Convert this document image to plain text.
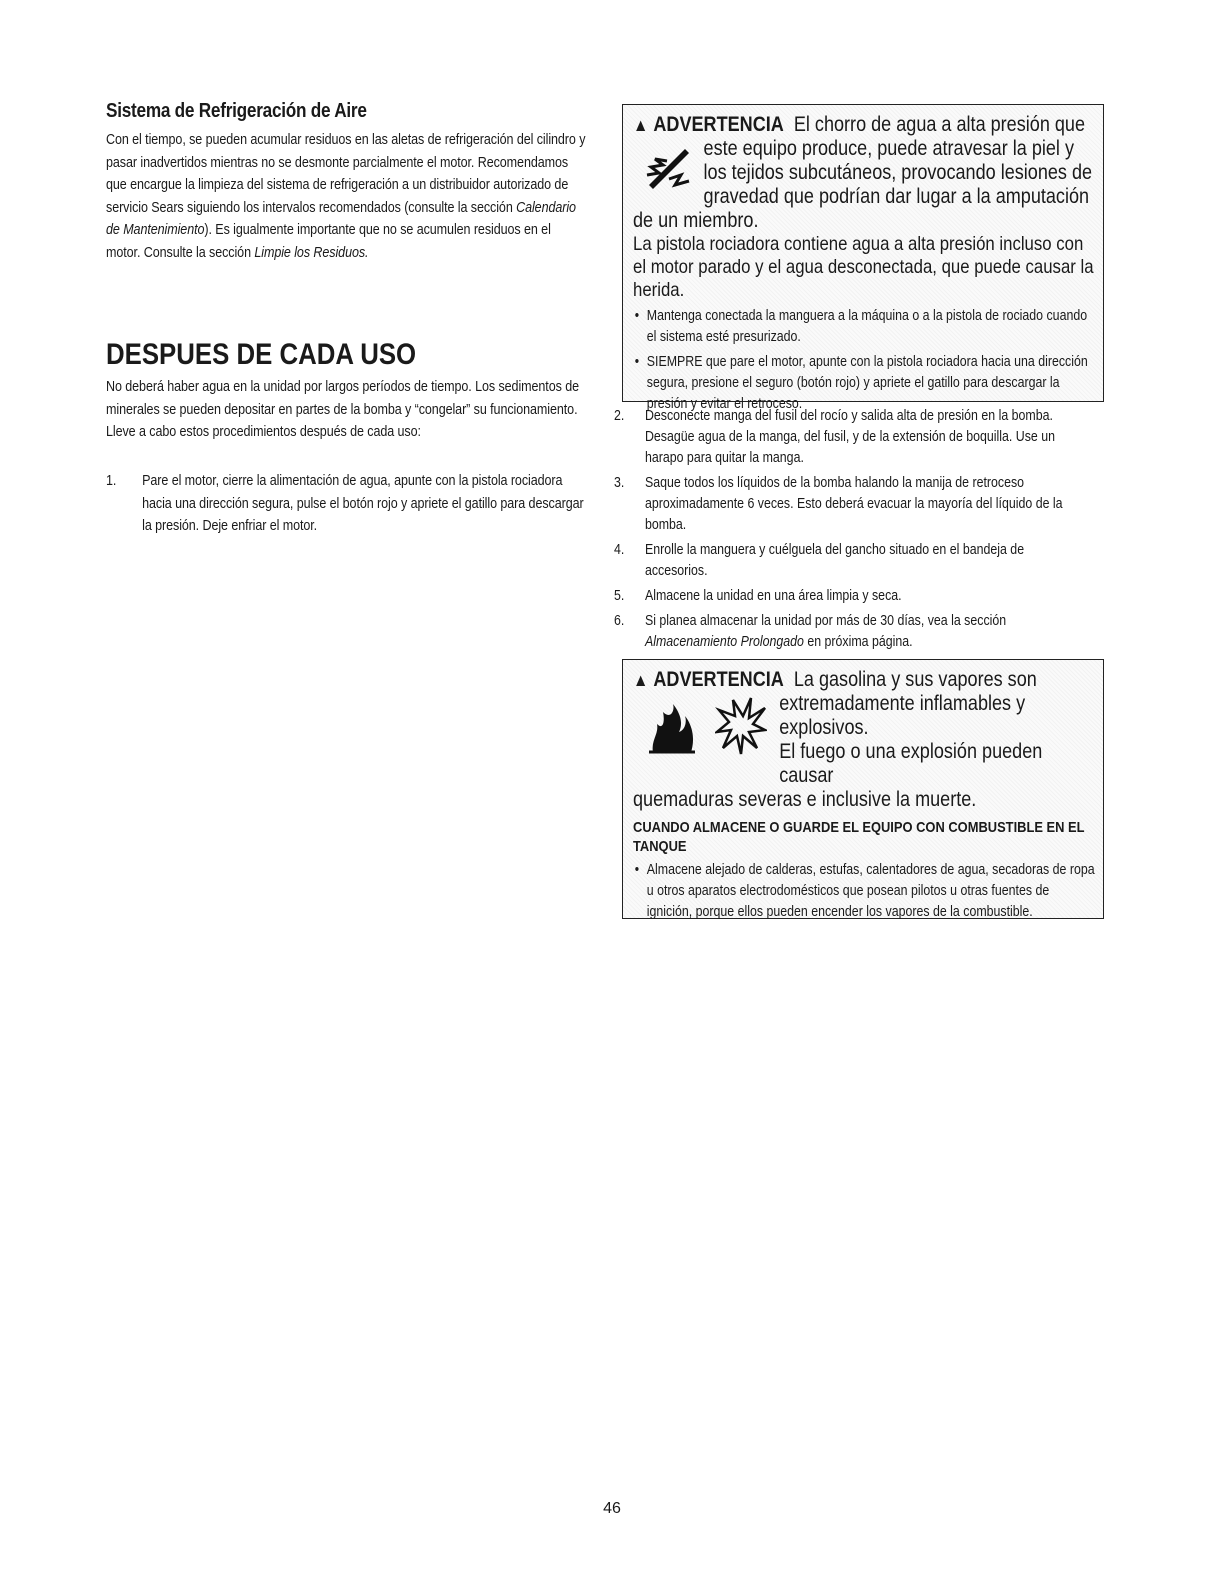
Sistema de Refrigeración de Aire

Con el tiempo, se pueden acumular residuos en las aletas de refrigeración del cilindro y pasar inadvertidos mientras no se desmonte parcialmente el motor. Recomendamos que encargue la limpieza del sistema de refrigeración a un distribuidor autorizado de servicio Sears siguiendo los intervalos recomendados (consulte la sección Calendario de Mantenimiento). Es igualmente importante que no se acumulen residuos en el motor. Consulte la sección Limpie los Residuos.

DESPUES DE CADA USO

No deberá haber agua en la unidad por largos períodos de tiempo. Los sedimentos de minerales se pueden depositar en partes de la bomba y “congelar” su funcionamiento. Lleve a cabo estos procedimientos después de cada uso:

1.	Pare el motor, cierre la alimentación de agua, apunte con la pistola rociadora hacia una dirección segura, pulse el botón rojo y apriete el gatillo para descargar la presión. Deje enfriar el motor.
▲ ADVERTENCIA El chorro de agua a alta presión que
este equipo produce, puede atravesar la piel y
los tejidos subcutáneos, provocando lesiones de
gravedad que podrían dar lugar a la amputación
de un miembro.
La pistola rociadora contiene agua a alta presión incluso con el motor parado y el agua desconectada, que puede causar la herida.
• Mantenga conectada la manguera a la máquina o a la pistola de rociado cuando el sistema esté presurizado.
• SIEMPRE que pare el motor, apunte con la pistola rociadora hacia una dirección segura, presione el seguro (botón rojo) y apriete el gatillo para descargar la presión y evitar el retroceso.
2. Desconecte manga del fusil del rocío y salida alta de presión en la bomba. Desagüe agua de la manga, del fusil, y de la extensión de boquilla. Use un harapo para quitar la manga.
3. Saque todos los líquidos de la bomba halando la manija de retroceso aproximadamente 6 veces. Esto deberá evacuar la mayoría del líquido de la bomba.
4. Enrolle la manguera y cuélguela del gancho situado en el bandeja de accesorios.
5. Almacene la unidad en una área limpia y seca.
6. Si planea almacenar la unidad por más de 30 días, vea la sección Almacenamiento Prolongado en próxima página.
▲ ADVERTENCIA La gasolina y sus vapores son
extremadamente inflamables y
explosivos.
El fuego o una explosión pueden causar
quemaduras severas e inclusive la muerte.
CUANDO ALMACENE O GUARDE EL EQUIPO CON COMBUSTIBLE EN EL TANQUE
• Almacene alejado de calderas, estufas, calentadores de agua, secadoras de ropa u otros aparatos electrodomésticos que posean pilotos u otras fuentes de ignición, porque ellos pueden encender los vapores de la combustible.
46
